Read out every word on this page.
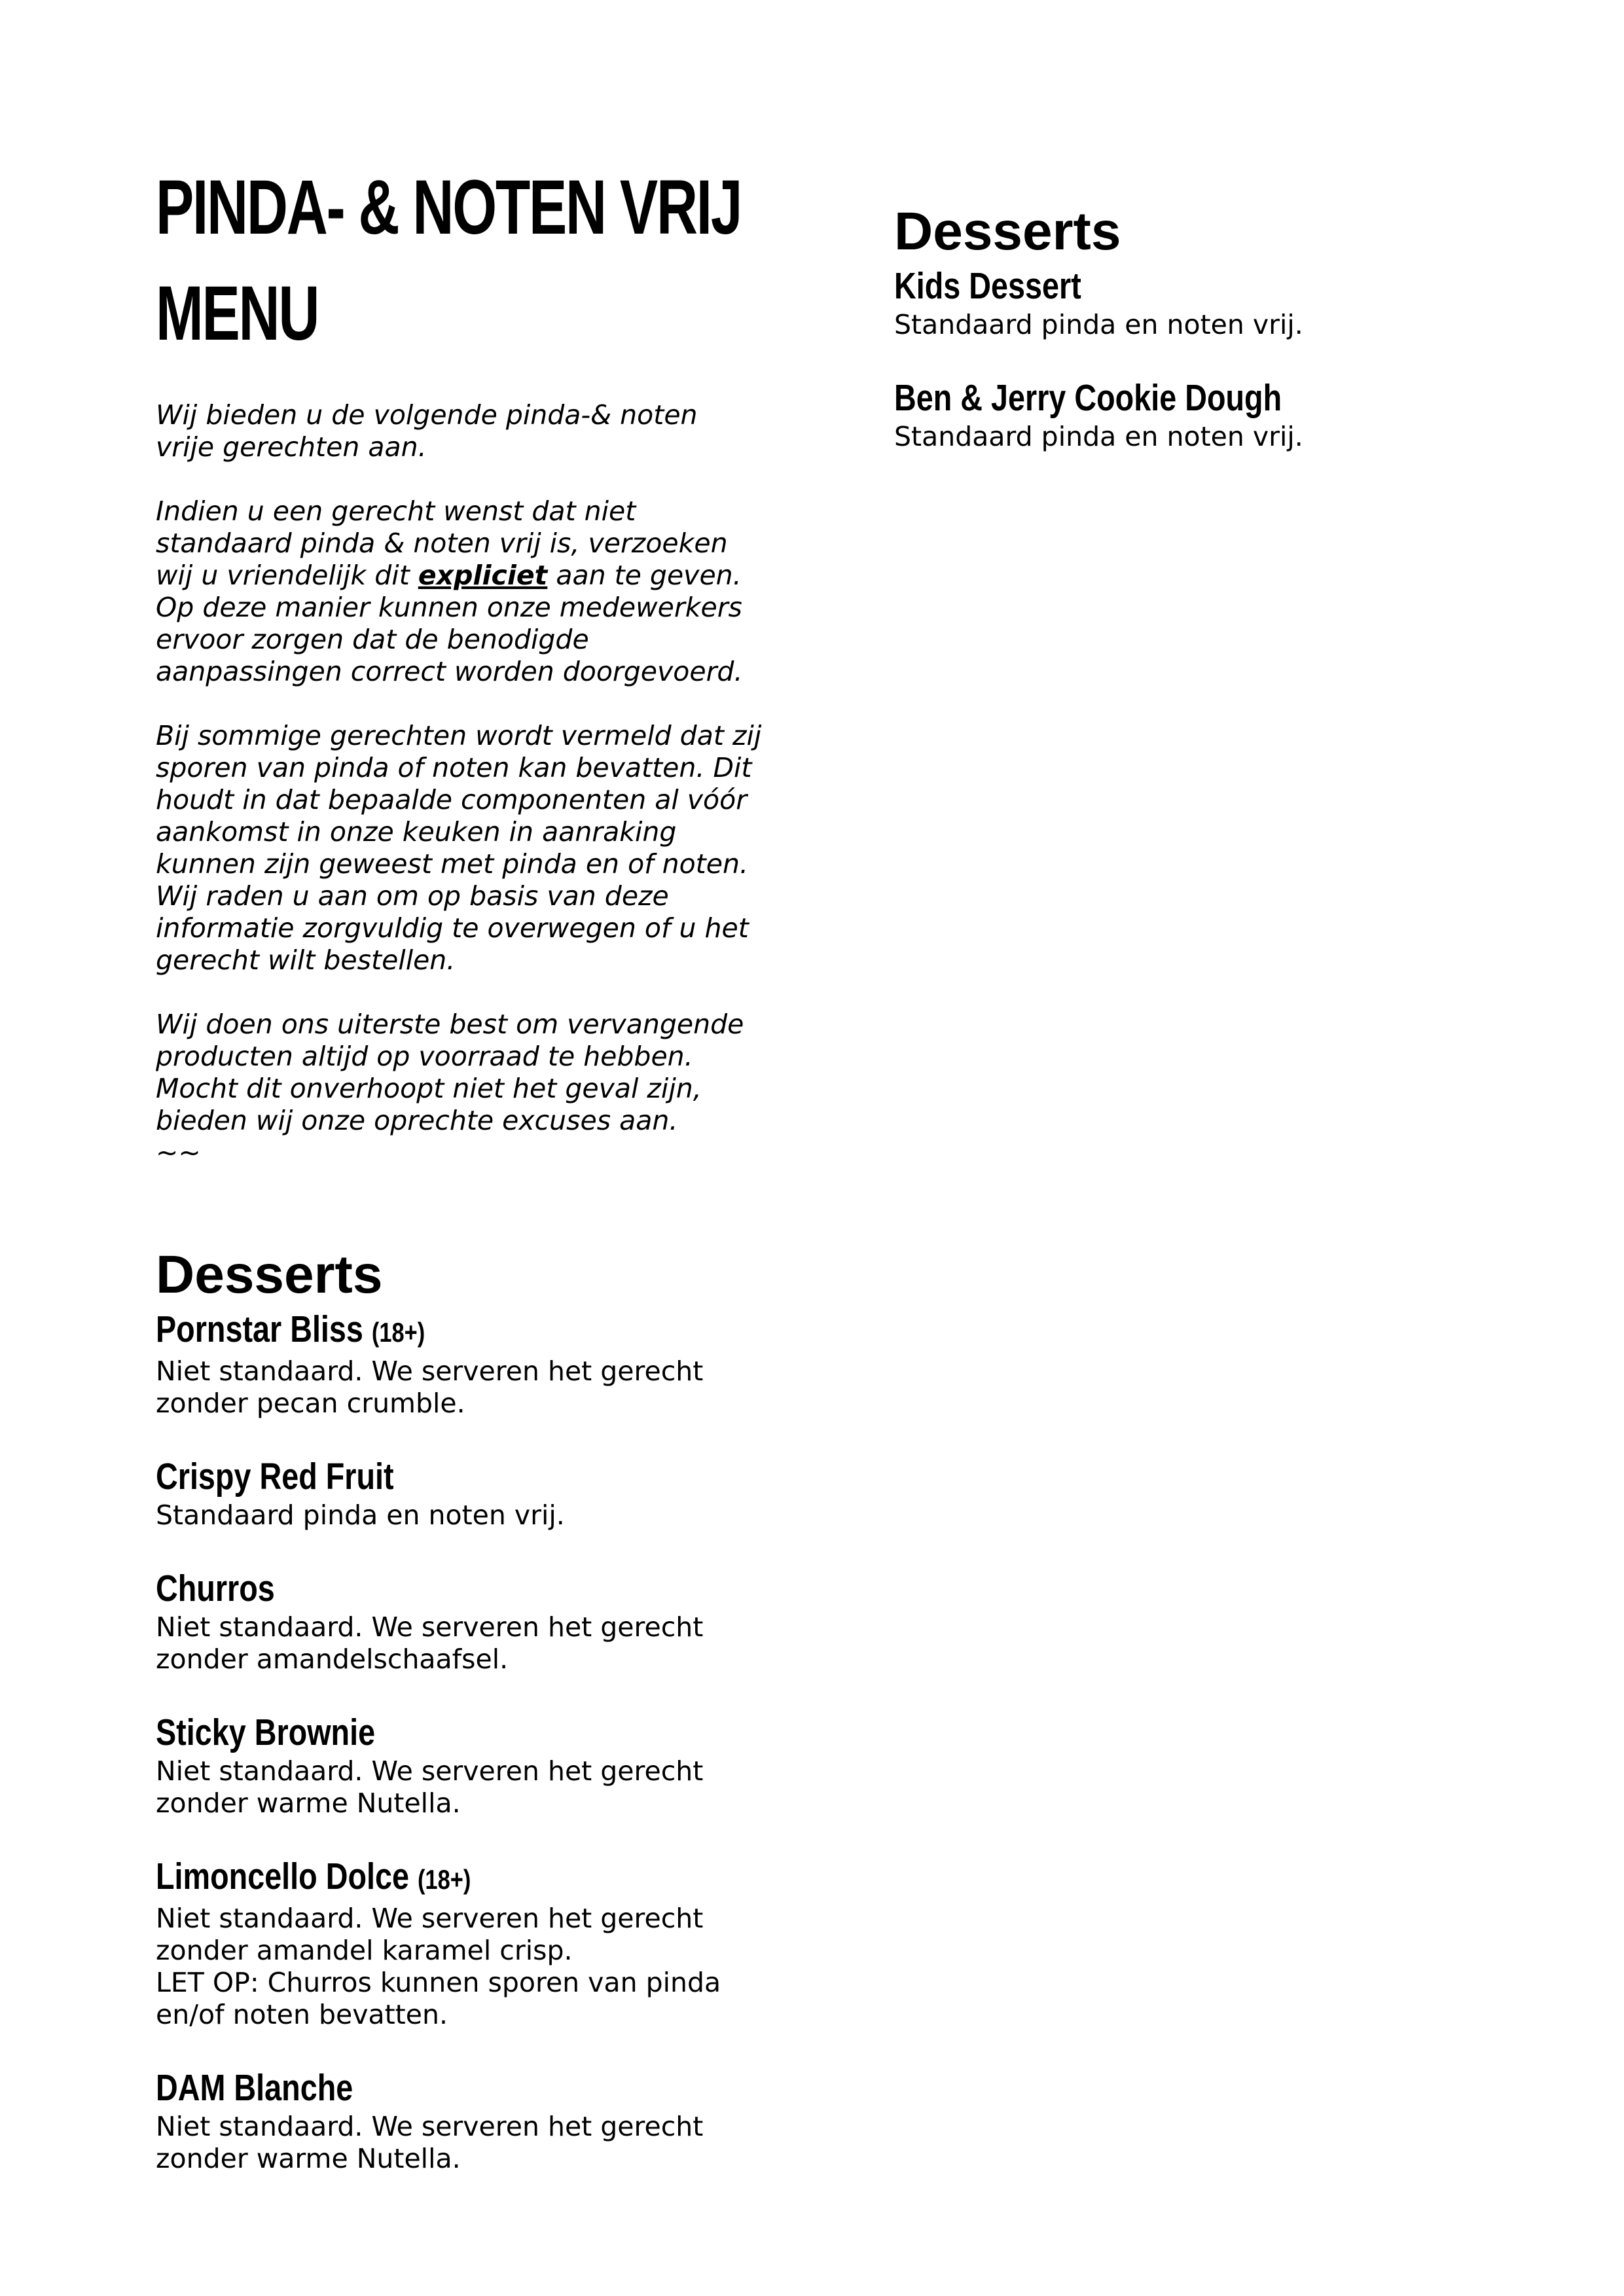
PINDA- & NOTEN VRIJ
MENU

Wij bieden u de volgende pinda-& noten
vrije gerechten aan.

Indien u een gerecht wenst dat niet
standaard pinda & noten vrij is, verzoeken
wij u vriendelijk dit expliciet aan te geven.
Op deze manier kunnen onze medewerkers
ervoor zorgen dat de benodigde
aanpassingen correct worden doorgevoerd.

Bij sommige gerechten wordt vermeld dat zij
sporen van pinda of noten kan bevatten. Dit
houdt in dat bepaalde componenten al vóór
aankomst in onze keuken in aanraking
kunnen zijn geweest met pinda en of noten.
Wij raden u aan om op basis van deze
informatie zorgvuldig te overwegen of u het
gerecht wilt bestellen.

Wij doen ons uiterste best om vervangende
producten altijd op voorraad te hebben.
Mocht dit onverhoopt niet het geval zijn,
bieden wij onze oprechte excuses aan.

~~

Desserts
Pornstar Bliss (18+)
Niet standaard. We serveren het gerecht
zonder pecan crumble.
Crispy Red Fruit
Standaard pinda en noten vrij.
Churros
Niet standaard. We serveren het gerecht
zonder amandelschaafsel.
Sticky Brownie
Niet standaard. We serveren het gerecht
zonder warme Nutella.
Limoncello Dolce (18+)
Niet standaard. We serveren het gerecht
zonder amandel karamel crisp.
LET OP: Churros kunnen sporen van pinda
en/of noten bevatten.
DAM Blanche
Niet standaard. We serveren het gerecht
zonder warme Nutella.
Desserts
Kids Dessert
Standaard pinda en noten vrij.
Ben & Jerry Cookie Dough
Standaard pinda en noten vrij.
